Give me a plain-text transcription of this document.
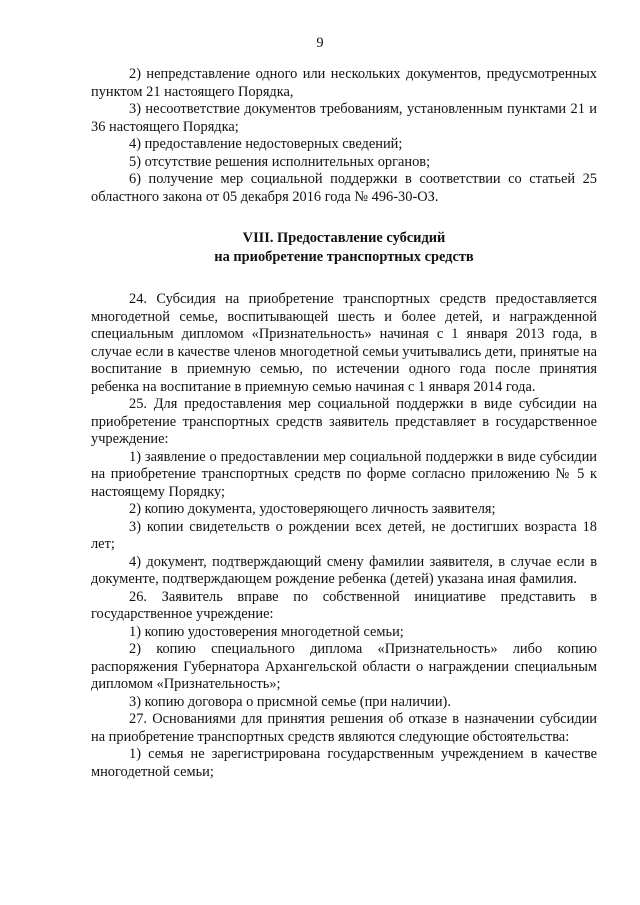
9

2) непредставление одного или нескольких документов, предусмотренных пунктом 21 настоящего Порядка,

3) несоответствие документов требованиям, установленным пунктами 21 и 36 настоящего Порядка;

4) предоставление недостоверных сведений;

5) отсутствие решения исполнительных органов;

6) получение мер социальной поддержки в соответствии со статьей 25 областного закона от 05 декабря 2016 года № 496-30-ОЗ.

VIII. Предоставление субсидий
на приобретение транспортных средств

24. Субсидия на приобретение транспортных средств предоставляется многодетной семье, воспитывающей шесть и более детей, и награжденной специальным дипломом «Признательность» начиная с 1 января 2013 года, в случае если в качестве членов многодетной семьи учитывались дети, принятые на воспитание в приемную семью, по истечении одного года после принятия ребенка на воспитание в приемную семью начиная с 1 января 2014 года.

25. Для предоставления мер социальной поддержки в виде субсидии на приобретение транспортных средств заявитель представляет в государственное учреждение:

1) заявление о предоставлении мер социальной поддержки в виде субсидии на приобретение транспортных средств по форме согласно приложению № 5 к настоящему Порядку;

2) копию документа, удостоверяющего личность заявителя;

3) копии свидетельств о рождении всех детей, не достигших возраста 18 лет;

4) документ, подтверждающий смену фамилии заявителя, в случае если в документе, подтверждающем рождение ребенка (детей) указана иная фамилия.

26. Заявитель вправе по собственной инициативе представить в государственное учреждение:

1) копию удостоверения многодетной семьи;

2) копию специального диплома «Признательность» либо копию распоряжения Губернатора Архангельской области о награждении специальным дипломом «Признательность»;

3) копию договора о присмной семье (при наличии).

27. Основаниями для принятия решения об отказе в назначении субсидии на приобретение транспортных средств являются следующие обстоятельства:

1) семья не зарегистрирована государственным учреждением в качестве многодетной семьи;
